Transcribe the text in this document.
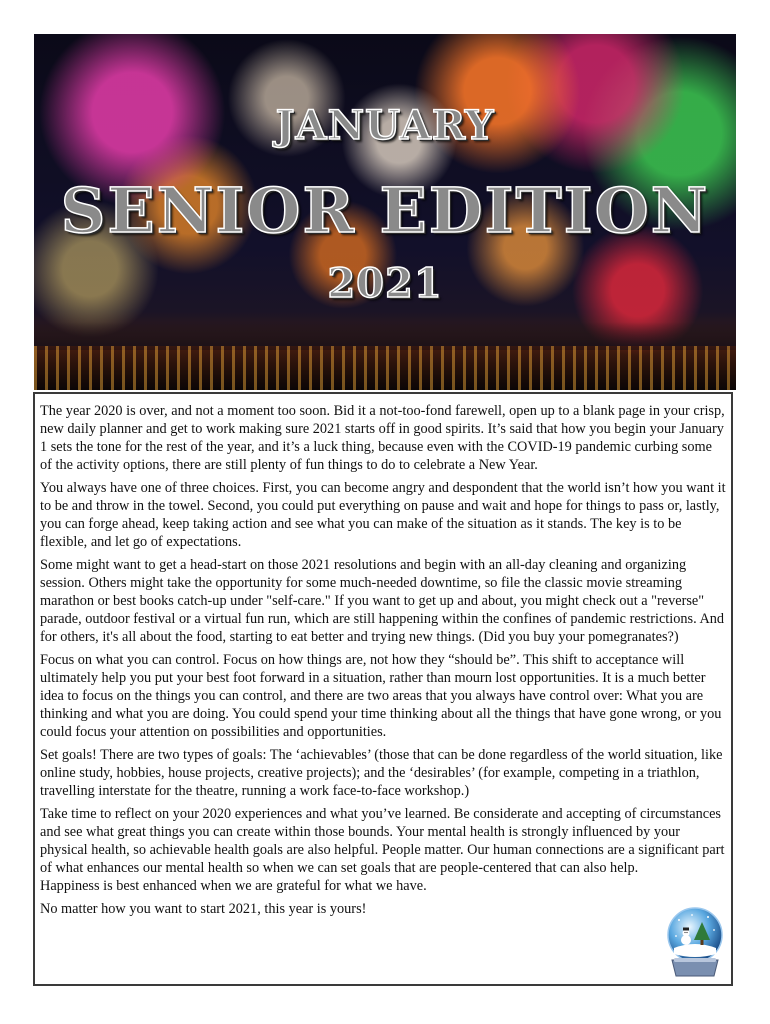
JANUARY
SENIOR EDITION
2021

The year 2020 is over, and not a moment too soon. Bid it a not-too-fond farewell, open up to a blank page in your crisp, new daily planner and get to work making sure 2021 starts off in good spirits. It’s said that how you begin your January 1 sets the tone for the rest of the year, and it’s a luck thing, because even with the COVID-19 pandemic curbing some of the activity options, there are still plenty of fun things to do to celebrate a New Year.

You always have one of three choices. First, you can become angry and despondent that the world isn’t how you want it to be and throw in the towel. Second, you could put everything on pause and wait and hope for things to pass or, lastly, you can forge ahead, keep taking action and see what you can make of the situation as it stands. The key is to be flexible, and let go of expectations.

Some might want to get a head-start on those 2021 resolutions and begin with an all-day cleaning and organizing session. Others might take the opportunity for some much-needed downtime, so file the classic movie streaming marathon or best books catch-up under "self-care." If you want to get up and about, you might check out a "reverse" parade, outdoor festival or a virtual fun run, which are still happening within the confines of pandemic restrictions. And for others, it's all about the food, starting to eat better and trying new things. (Did you buy your pomegranates?)

Focus on what you can control. Focus on how things are, not how they “should be”. This shift to acceptance will ultimately help you put your best foot forward in a situation, rather than mourn lost opportunities. It is a much better idea to focus on the things you can control, and there are two areas that you always have control over: What you are thinking and what you are doing. You could spend your time thinking about all the things that have gone wrong, or you could focus your attention on possibilities and opportunities.

Set goals! There are two types of goals: The ‘achievables’ (those that can be done regardless of the world situation, like online study, hobbies, house projects, creative projects); and the ‘desirables’ (for example, competing in a triathlon, travelling interstate for the theatre, running a work face-to-face workshop.)

Take time to reflect on your 2020 experiences and what you’ve learned. Be considerate and accepting of circumstances and see what great things you can create within those bounds. Your mental health is strongly influenced by your physical health, so achievable health goals are also helpful. People matter. Our human connections are a significant part of what enhances our mental health so when we can set goals that are people-centered that can also help.

Happiness is best enhanced when we are grateful for what we have.

No matter how you want to start 2021, this year is yours!
